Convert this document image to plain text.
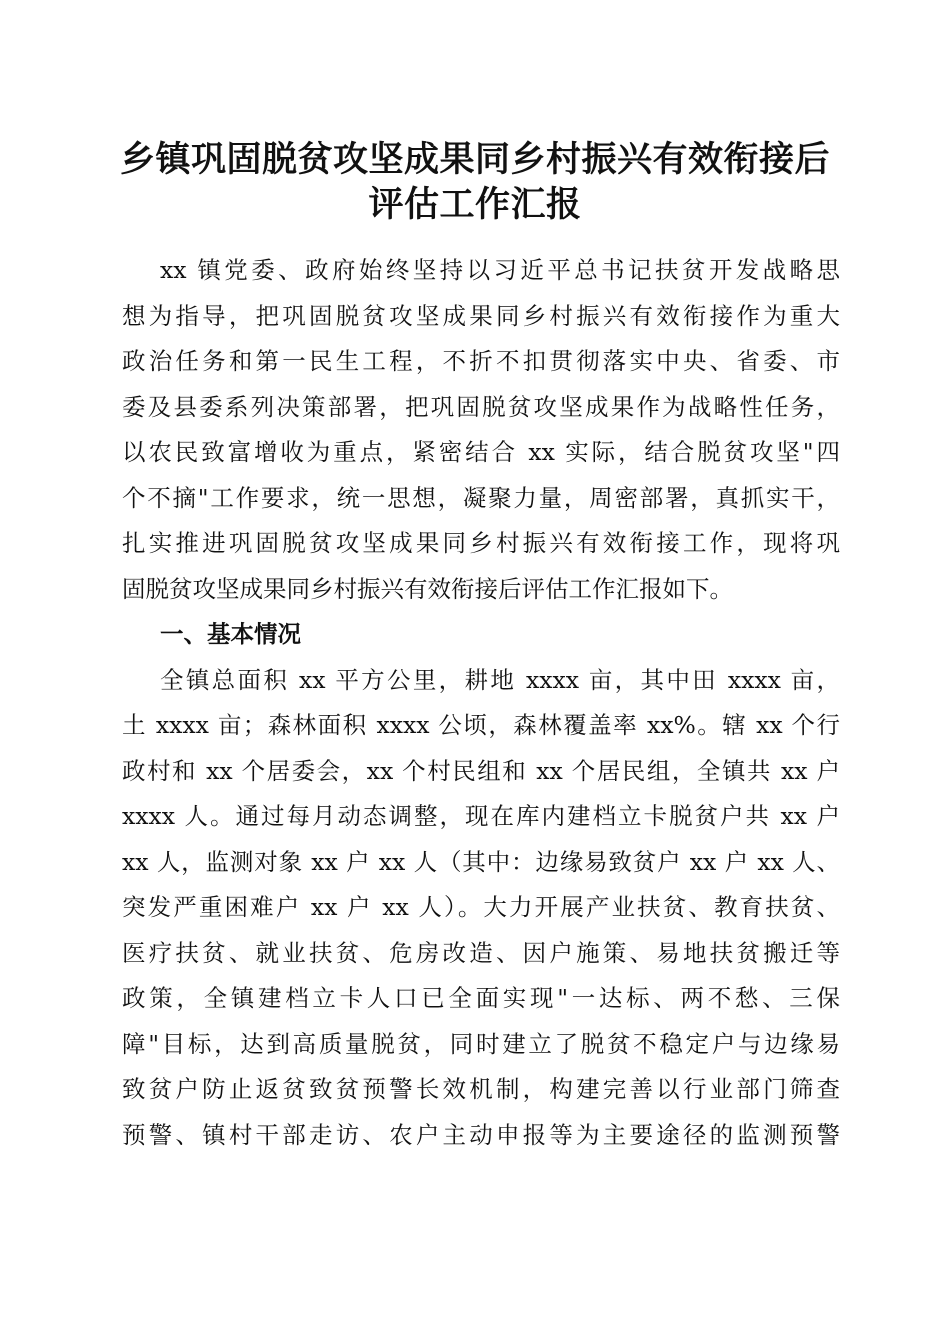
乡镇巩固脱贫攻坚成果同乡村振兴有效衔接后
评估工作汇报
xx 镇党委、政府始终坚持以习近平总书记扶贫开发战略思
想为指导，把巩固脱贫攻坚成果同乡村振兴有效衔接作为重大
政治任务和第一民生工程，不折不扣贯彻落实中央、省委、市
委及县委系列决策部署，把巩固脱贫攻坚成果作为战略性任务，
以农民致富增收为重点，紧密结合 xx 实际，结合脱贫攻坚"四
个不摘"工作要求，统一思想，凝聚力量，周密部署，真抓实干，
扎实推进巩固脱贫攻坚成果同乡村振兴有效衔接工作，现将巩
固脱贫攻坚成果同乡村振兴有效衔接后评估工作汇报如下。
一、基本情况
全镇总面积 xx 平方公里，耕地 xxxx 亩，其中田 xxxx 亩，
土 xxxx 亩；森林面积 xxxx 公顷，森林覆盖率 xx%。辖 xx 个行
政村和 xx 个居委会，xx 个村民组和 xx 个居民组，全镇共 xx 户
xxxx 人。通过每月动态调整，现在库内建档立卡脱贫户共 xx 户
xx 人，监测对象 xx 户 xx 人（其中：边缘易致贫户 xx 户 xx 人、
突发严重困难户 xx 户 xx 人）。大力开展产业扶贫、教育扶贫、
医疗扶贫、就业扶贫、危房改造、因户施策、易地扶贫搬迁等
政策，全镇建档立卡人口已全面实现"一达标、两不愁、三保
障"目标，达到高质量脱贫，同时建立了脱贫不稳定户与边缘易
致贫户防止返贫致贫预警长效机制，构建完善以行业部门筛查
预警、镇村干部走访、农户主动申报等为主要途径的监测预警
